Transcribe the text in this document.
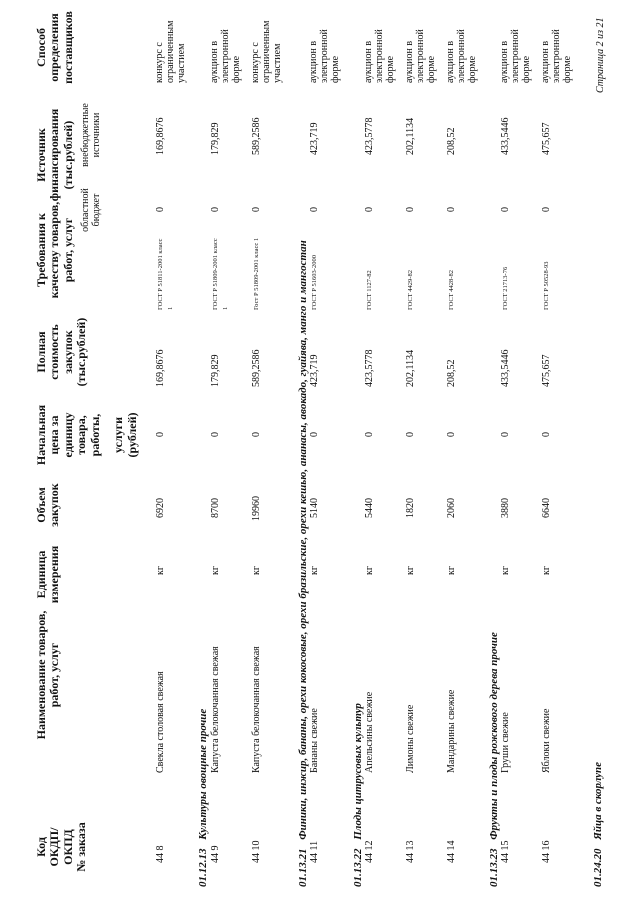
Код ОКДП/ ОКПД № заказа
Наименование товаров, работ, услуг
Единица измерения
Объем закупок
Начальная цена за единицу товара, работы, услуги (рублей)
Полная стоимость закупок (тыс.рублей)
Требования к качеству товаров, работ, услуг
Источник финансирования (тыс.рублей)
областной бюджет
внебюджетные источники
Способ определения поставщиков
44 8
Свекла столовая свежая
кг
6920
0
169,8676
ГОСТ Р 51811-2001 класс 1
0
169,8676
конкурс с ограниченным участием
01.12.13 Культуры овощные прочие
44 9
Капуста белокочанная свежая
кг
8700
0
179,829
ГОСТ Р 51809-2001 класс 1
0
179,829
аукцион в электронной форме
44 10
Капуста белокочанная свежая
кг
19960
0
589,2586
Гост Р 51809-2001 класс 1
0
589,2586
конкурс с ограниченным участием
01.13.21 Финики, инжир, бананы, орехи кокосовые, орехи бразильские, орехи кешью, ананасы, авокадо, гуайява, манго и мангостан
44 11
Бананы свежие
кг
5140
0
423,719
ГОСТ Р 51603-2000
0
423,719
аукцион в электронной форме
01.13.22 Плоды цитрусовых культур
44 12
Апельсины свежие
кг
5440
0
423,5778
ГОСТ 1127-82
0
423,5778
аукцион в электронной форме
44 13
Лимоны свежие
кг
1820
0
202,1134
ГОСТ 4429-82
0
202,1134
аукцион в электронной форме
44 14
Мандарины свежие
кг
2060
0
208,52
ГОСТ 4428-82
0
208,52
аукцион в электронной форме
01.13.23 Фрукты и плоды рожкового дерева прочие
44 15
Груши свежие
кг
3880
0
433,5446
ГОСТ 21713-76
0
433,5446
аукцион в электронной форме
44 16
Яблоки свежие
кг
6640
0
475,657
ГОСТ Р 50528-93
0
475,657
аукцион в электронной форме
01.24.20 Яйца в скорлупе
Страница 2 из 21
